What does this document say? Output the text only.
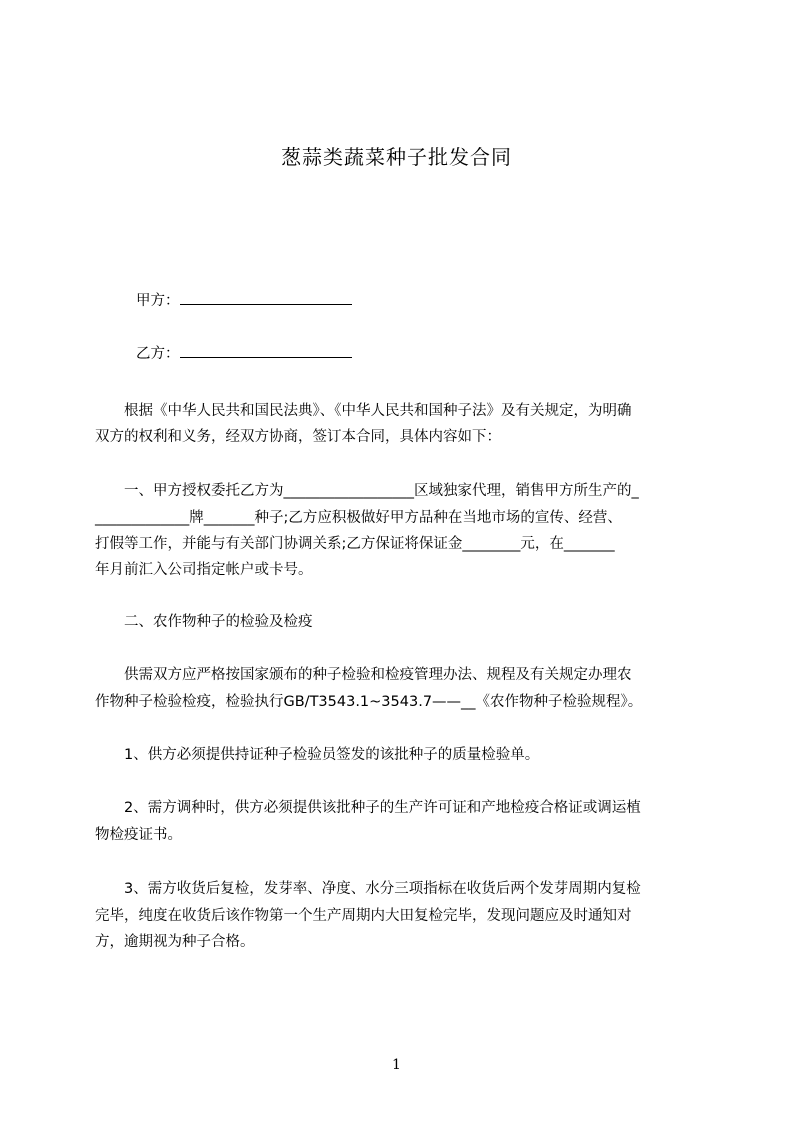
葱蒜类蔬菜种子批发合同
甲方：
乙方：
　　根据《中华人民共和国民法典》、《中华人民共和国种子法》及有关规定，为明确
双方的权利和义务，经双方协商，签订本合同，具体内容如下：
　　一、甲方授权委托乙方为__________________区域独家代理，销售甲方所生产的_
_____________牌_______种子;乙方应积极做好甲方品种在当地市场的宣传、经营、
打假等工作，并能与有关部门协调关系;乙方保证将保证金________元，在_______
年月前汇入公司指定帐户或卡号。
　　二、农作物种子的检验及检疫
　　供需双方应严格按国家颁布的种子检验和检疫管理办法、规程及有关规定办理农
作物种子检验检疫，检验执行GB/T3543.1~3543.7——__《农作物种子检验规程》。
　　1、供方必须提供持证种子检验员签发的该批种子的质量检验单。
　　2、需方调种时，供方必须提供该批种子的生产许可证和产地检疫合格证或调运植
物检疫证书。
　　3、需方收货后复检，发芽率、净度、水分三项指标在收货后两个发芽周期内复检
完毕，纯度在收货后该作物第一个生产周期内大田复检完毕，发现问题应及时通知对
方，逾期视为种子合格。
1
